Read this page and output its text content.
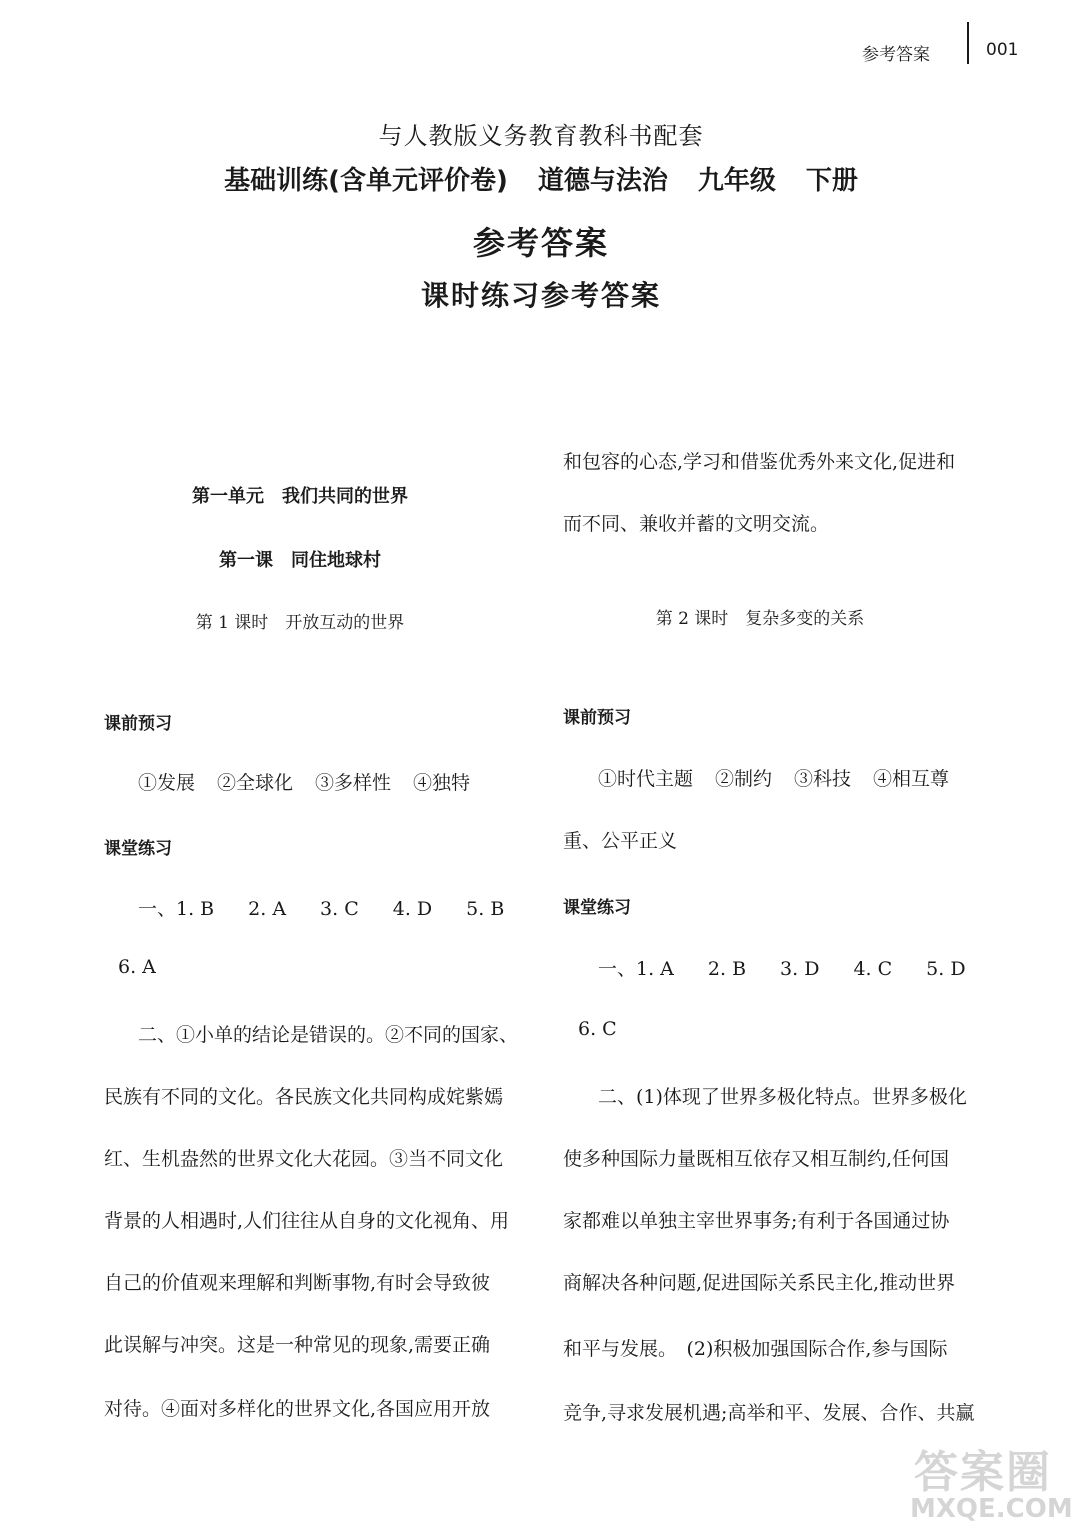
参考答案	001
与人教版义务教育教科书配套
基础训练(含单元评价卷) 道德与法治 九年级 下册
参考答案
课时练习参考答案
第一单元　我们共同的世界
第一课　同住地球村
第 1 课时　开放互动的世界
课前预习
①发展 ②全球化 ③多样性 ④独特
课堂练习
一、1. B 2. A 3. C 4. D 5. B
6. A
二、①小单的结论是错误的。②不同的国家、
民族有不同的文化。各民族文化共同构成姹紫嫣
红、生机盎然的世界文化大花园。③当不同文化
背景的人相遇时,人们往往从自身的文化视角、用
自己的价值观来理解和判断事物,有时会导致彼
此误解与冲突。这是一种常见的现象,需要正确
对待。④面对多样化的世界文化,各国应用开放
和包容的心态,学习和借鉴优秀外来文化,促进和
而不同、兼收并蓄的文明交流。
第 2 课时　复杂多变的关系
课前预习
①时代主题 ②制约 ③科技 ④相互尊
重、公平正义
课堂练习
一、1. A 2. B 3. D 4. C 5. D
6. C
二、(1)体现了世界多极化特点。世界多极化
使多种国际力量既相互依存又相互制约,任何国
家都难以单独主宰世界事务;有利于各国通过协
商解决各种问题,促进国际关系民主化,推动世界
和平与发展。　(2)积极加强国际合作,参与国际
竞争,寻求发展机遇;高举和平、发展、合作、共赢
答案圈
MXQE.COM
